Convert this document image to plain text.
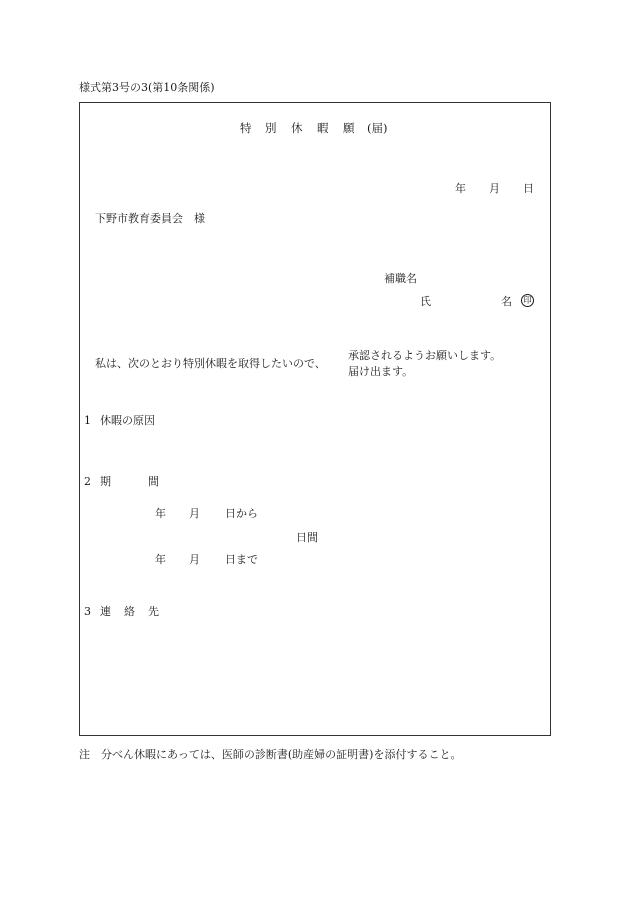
様式第3号の3(第10条関係)
特 別 休 暇 願 (届)
年 月 日
下野市教育委員会　様
補職名
氏	名 印
私は、次のとおり特別休暇を取得したいので、
承認されるようお願いします。
届け出ます。
1 休暇の原因
2 期	間
年 月 日から
日間
年 月 日まで
3 連 絡 先
注　分べん休暇にあっては、医師の診断書(助産婦の証明書)を添付すること。
